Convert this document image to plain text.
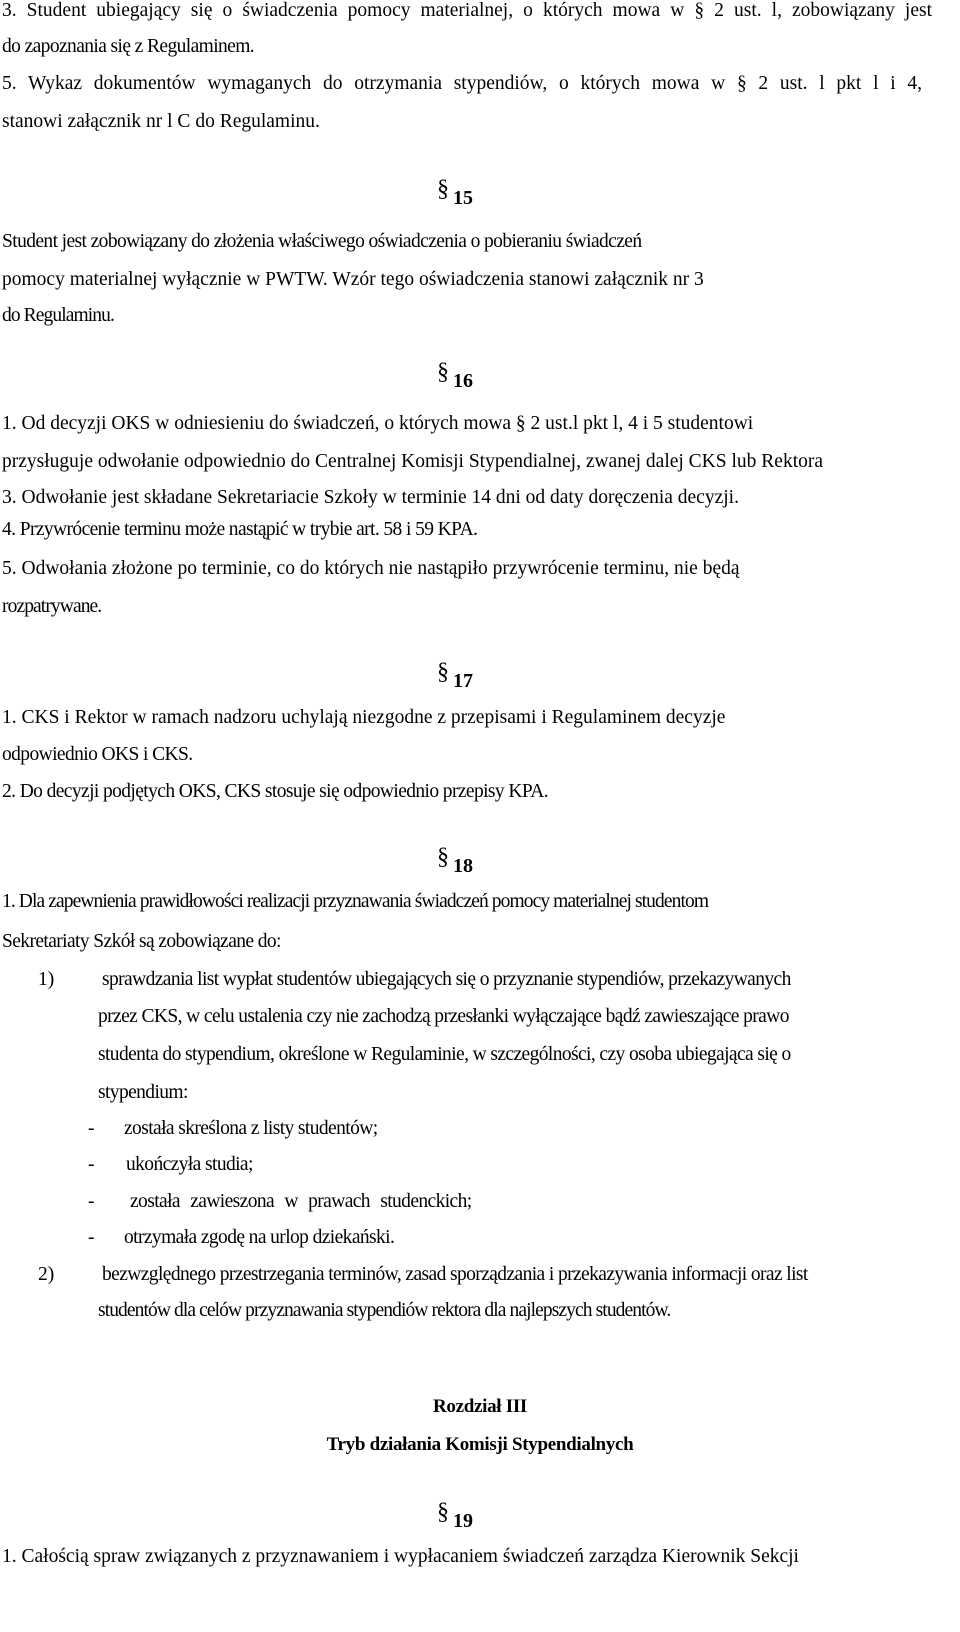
3. Student ubiegający się o świadczenia pomocy materialnej, o których mowa w § 2 ust. l, zobowiązany jest
do zapoznania się z Regulaminem.
5. Wykaz dokumentów wymaganych do otrzymania stypendiów, o których mowa w § 2 ust. l pkt l i 4,
stanowi załącznik nr l C do Regulaminu.
§ 15
Student jest zobowiązany do złożenia właściwego oświadczenia o pobieraniu świadczeń
pomocy materialnej wyłącznie w PWTW. Wzór tego oświadczenia stanowi załącznik nr 3
do Regulaminu.
§ 16
1. Od decyzji OKS w odniesieniu do świadczeń, o których mowa § 2 ust.l pkt l, 4 i 5 studentowi
przysługuje odwołanie odpowiednio do Centralnej Komisji Stypendialnej, zwanej dalej CKS lub Rektora
3. Odwołanie jest składane Sekretariacie Szkoły w terminie 14 dni od daty doręczenia decyzji.
4. Przywrócenie terminu może nastąpić w trybie art. 58 i 59 KPA.
5. Odwołania złożone po terminie, co do których nie nastąpiło przywrócenie terminu, nie będą
rozpatrywane.
§ 17
1. CKS i Rektor w ramach nadzoru uchylają niezgodne z przepisami i Regulaminem decyzje
odpowiednio OKS i CKS.
2. Do decyzji podjętych OKS, CKS stosuje się odpowiednio przepisy KPA.
§ 18
1. Dla zapewnienia prawidłowości realizacji przyznawania świadczeń pomocy materialnej studentom
Sekretariaty Szkół są zobowiązane do:
1) sprawdzania list wypłat studentów ubiegających się o przyznanie stypendiów, przekazywanych
przez CKS, w celu ustalenia czy nie zachodzą przesłanki wyłączające bądź zawieszające prawo
studenta do stypendium, określone w Regulaminie, w szczególności, czy osoba ubiegająca się o
stypendium:
- została skreślona z listy studentów;
- ukończyła studia;
- została zawieszona w prawach studenckich;
- otrzymała zgodę na urlop dziekański.
2) bezwzględnego przestrzegania terminów, zasad sporządzania i przekazywania informacji oraz list
studentów dla celów przyznawania stypendiów rektora dla najlepszych studentów.
Rozdział III
Tryb działania Komisji Stypendialnych
§ 19
1. Całością spraw związanych z przyznawaniem i wypłacaniem świadczeń zarządza Kierownik Sekcji
